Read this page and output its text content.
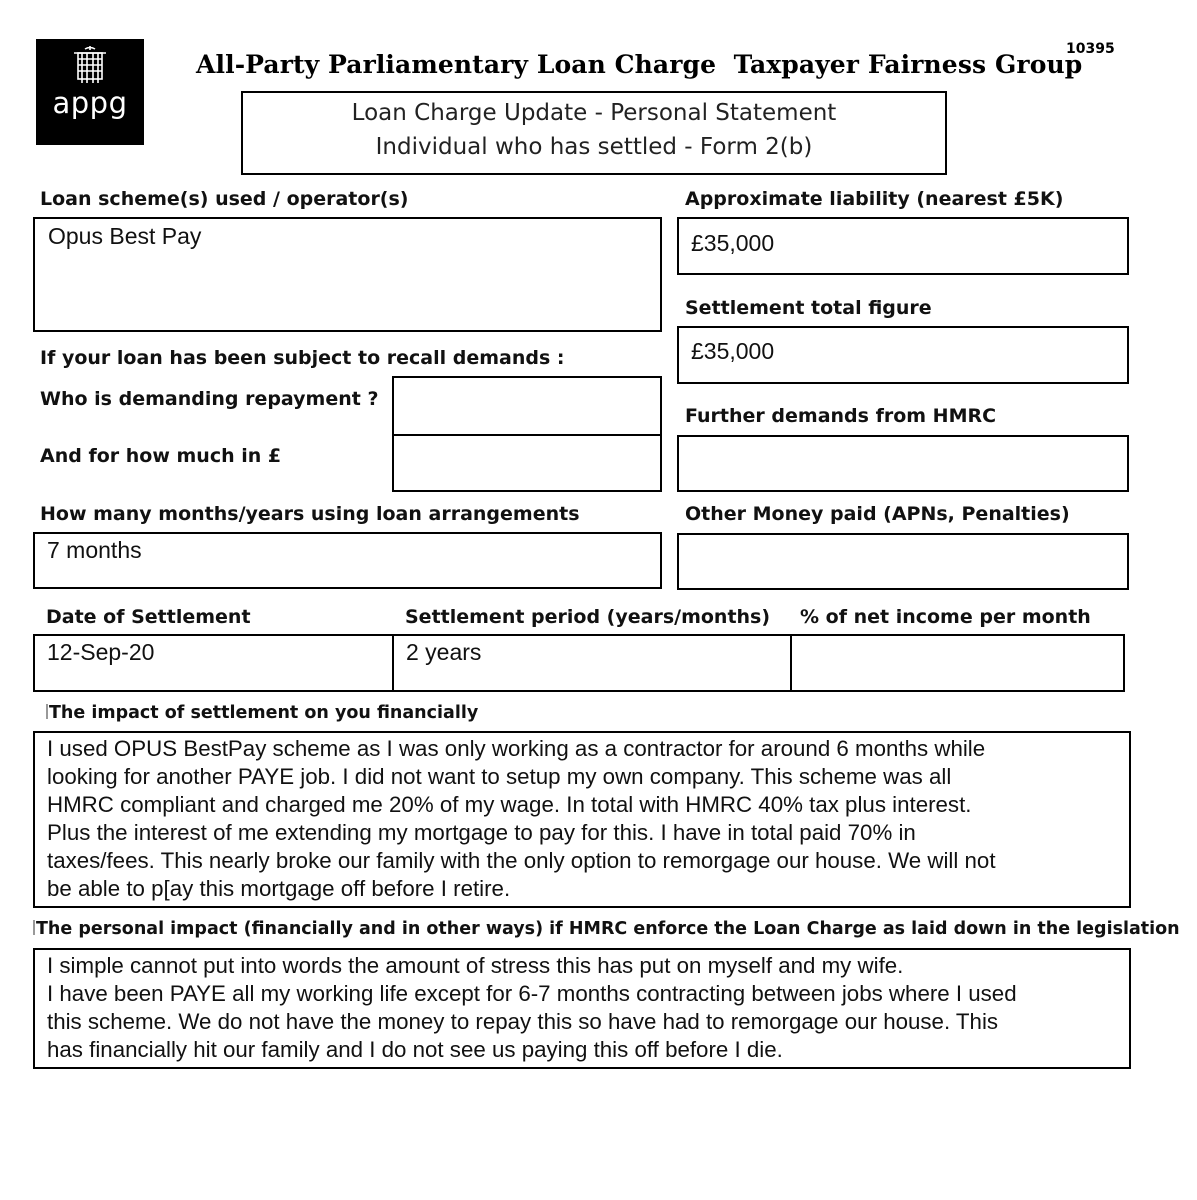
appg
All-Party Parliamentary Loan Charge  Taxpayer Fairness Group
10395
Loan Charge Update - Personal Statement
Individual who has settled - Form 2(b)
Loan scheme(s) used / operator(s)
Opus Best Pay
Approximate liability (nearest £5K)
£35,000
Settlement total figure
£35,000
If your loan has been subject to recall demands :
Who is demanding repayment ?
And for how much in £
Further demands from HMRC
How many months/years using loan arrangements
7 months
Other Money paid (APNs, Penalties)
Date of Settlement	Settlement period (years/months) % of net income per month
12-Sep-20	2 years
The impact of settlement on you financially
I used OPUS BestPay scheme as I was only working as a contractor for around 6 months while
looking for another PAYE job. I did not want to setup my own company. This scheme was all
HMRC compliant and charged me 20% of my wage. In total with HMRC 40% tax plus interest.
Plus the interest of me extending my mortgage to pay for this. I have in total paid 70% in
taxes/fees. This nearly broke our family with the only option to remorgage our house. We will not
be able to p[ay this mortgage off before I retire.
The personal impact (financially and in other ways) if HMRC enforce the Loan Charge as laid down in the legislation
I simple cannot put into words the amount of stress this has put on myself and my wife.
I have been PAYE all my working life except for 6-7 months contracting between jobs where I used
this scheme. We do not have the money to repay this so have had to remorgage our house. This
has financially hit our family and I do not see us paying this off before I die.
